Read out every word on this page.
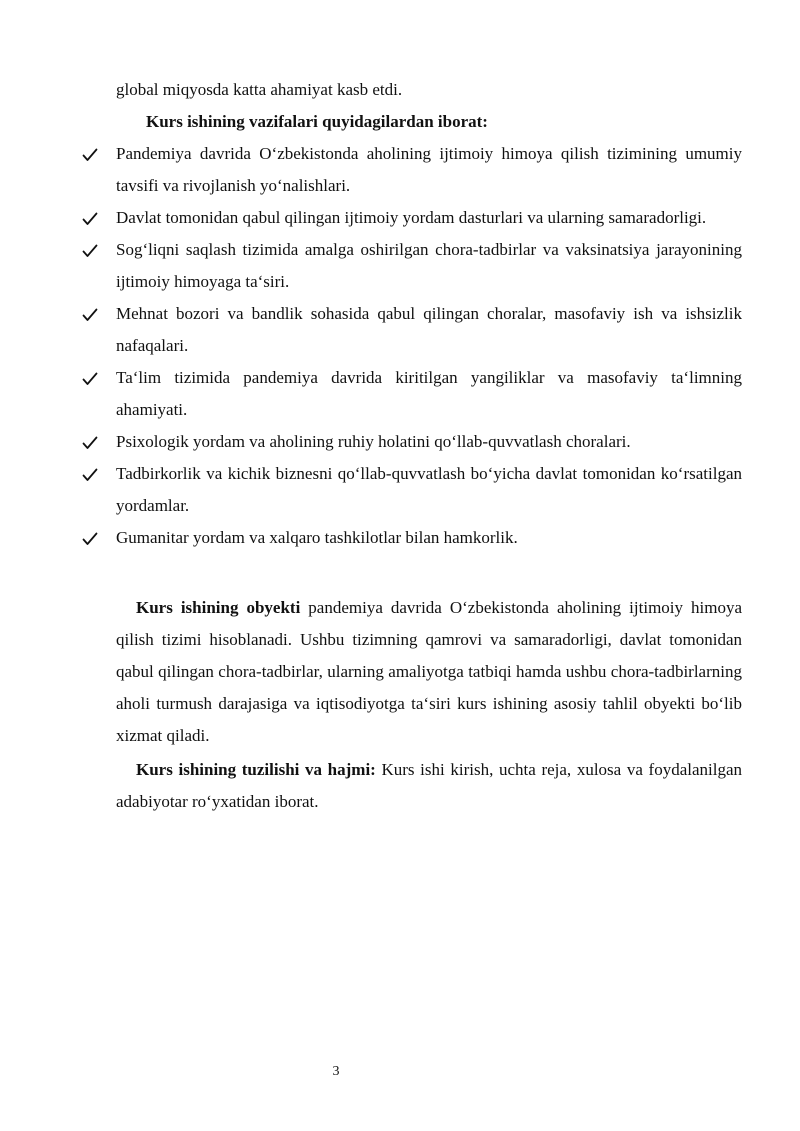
global miqyosda katta ahamiyat kasb etdi.
Kurs ishining vazifalari quyidagilardan iborat:
Pandemiya davrida O‘zbekistonda aholining ijtimoiy himoya qilish tizimining umumiy tavsifi va rivojlanish yo‘nalishlari.
Davlat tomonidan qabul qilingan ijtimoiy yordam dasturlari va ularning samaradorligi.
Sog‘liqni saqlash tizimida amalga oshirilgan chora-tadbirlar va vaksinatsiya jarayonining ijtimoiy himoyaga ta‘siri.
Mehnat bozori va bandlik sohasida qabul qilingan choralar, masofaviy ish va ishsizlik nafaqalari.
Ta‘lim tizimida pandemiya davrida kiritilgan yangiliklar va masofaviy ta‘limning ahamiyati.
Psixologik yordam va aholining ruhiy holatini qo‘llab-quvvatlash choralari.
Tadbirkorlik va kichik biznesni qo‘llab-quvvatlash bo‘yicha davlat tomonidan ko‘rsatilgan yordamlar.
Gumanitar yordam va xalqaro tashkilotlar bilan hamkorlik.
Kurs ishining obyekti pandemiya davrida O‘zbekistonda aholining ijtimoiy himoya qilish tizimi hisoblanadi. Ushbu tizimning qamrovi va samaradorligi, davlat tomonidan qabul qilingan chora-tadbirlar, ularning amaliyotga tatbiqi hamda ushbu chora-tadbirlarning aholi turmush darajasiga va iqtisodiyotga ta‘siri kurs ishining asosiy tahlil obyekti bo‘lib xizmat qiladi.
Kurs ishining tuzilishi va hajmi: Kurs ishi kirish, uchta reja, xulosa va foydalanilgan adabiyotar ro‘yxatidan iborat.
3
